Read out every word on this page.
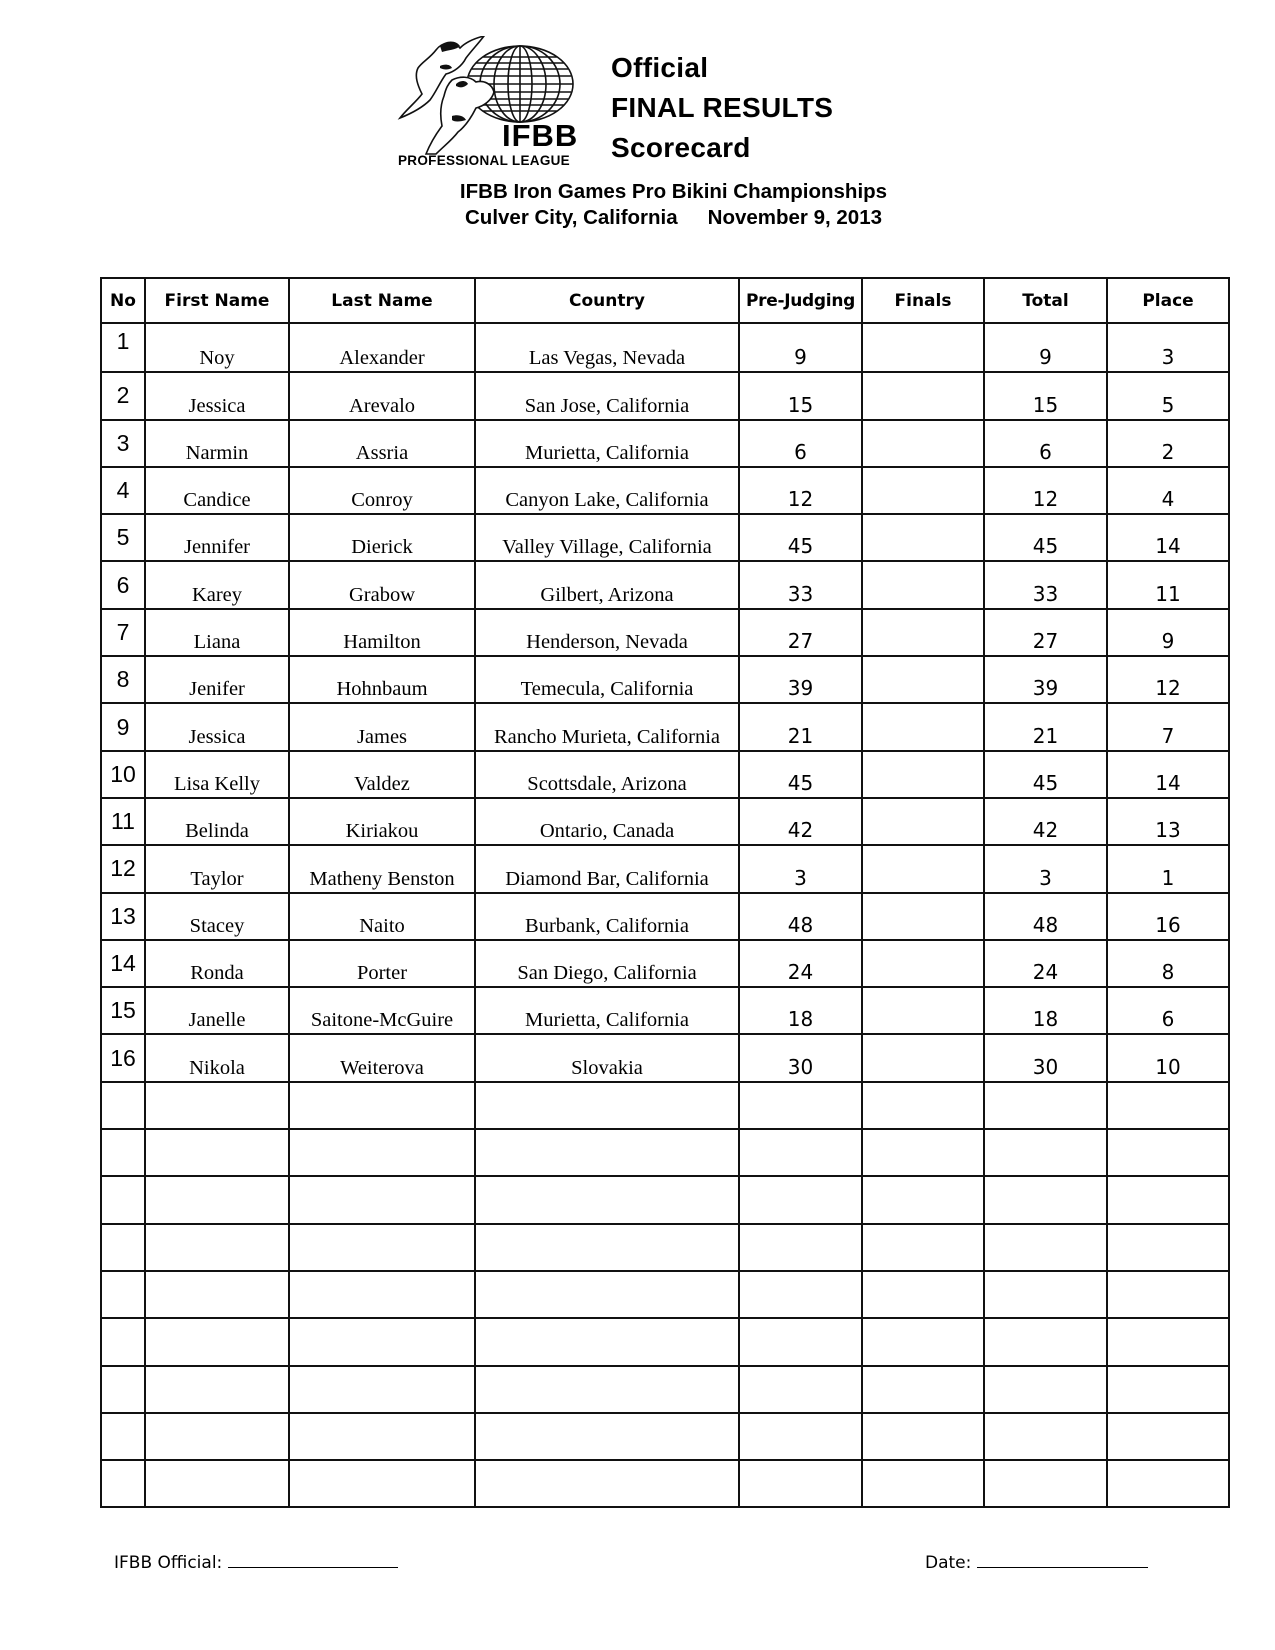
IFBB
PROFESSIONAL LEAGUE
Official
FINAL RESULTS
Scorecard
IFBB Iron Games Pro Bikini Championships
Culver City, California November 9, 2013
No	First Name	Last Name	Country	Pre-Judging	Finals	Total	Place
1	Noy	Alexander	Las Vegas, Nevada	9		9	3
2	Jessica	Arevalo	San Jose, California	15		15	5
3	Narmin	Assria	Murietta, California	6		6	2
4	Candice	Conroy	Canyon Lake, California	12		12	4
5	Jennifer	Dierick	Valley Village, California	45		45	14
6	Karey	Grabow	Gilbert, Arizona	33		33	11
7	Liana	Hamilton	Henderson, Nevada	27		27	9
8	Jenifer	Hohnbaum	Temecula, California	39		39	12
9	Jessica	James	Rancho Murieta, California	21		21	7
10	Lisa Kelly	Valdez	Scottsdale, Arizona	45		45	14
11	Belinda	Kiriakou	Ontario, Canada	42		42	13
12	Taylor	Matheny Benston	Diamond Bar, California	3		3	1
13	Stacey	Naito	Burbank, California	48		48	16
14	Ronda	Porter	San Diego, California	24		24	8
15	Janelle	Saitone-McGuire	Murietta, California	18		18	6
16	Nikola	Weiterova	Slovakia	30		30	10

IFBB Official:	Date:
